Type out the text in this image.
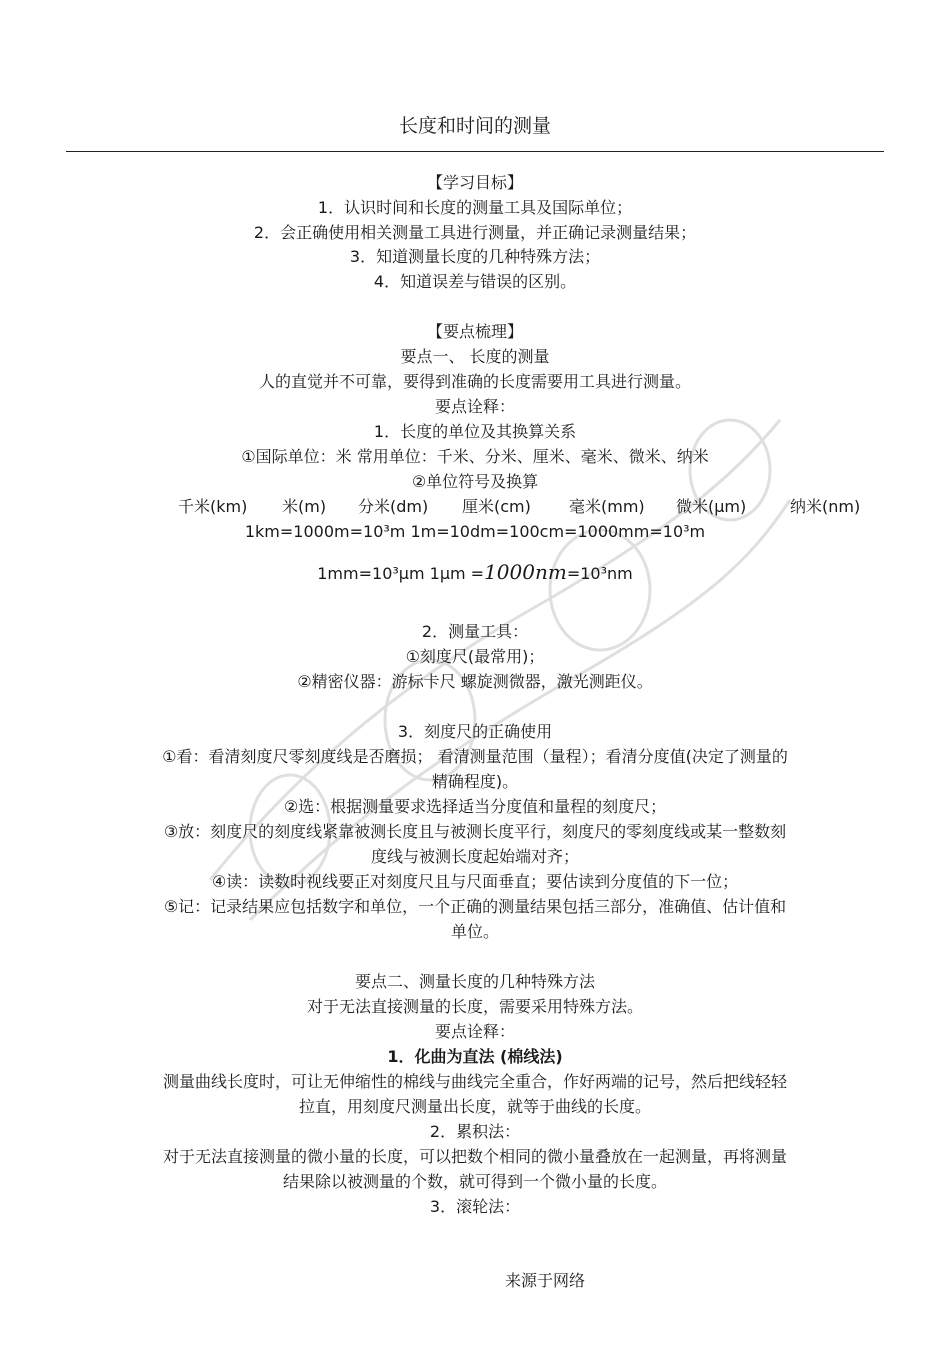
长度和时间的测量
【学习目标】
1．认识时间和长度的测量工具及国际单位；
2．会正确使用相关测量工具进行测量，并正确记录测量结果；
3．知道测量长度的几种特殊方法；
4．知道误差与错误的区别。
【要点梳理】
要点一、 长度的测量
人的直觉并不可靠，要得到准确的长度需要用工具进行测量。
要点诠释：
1．长度的单位及其换算关系
①国际单位：米 常用单位：千米、分米、厘米、毫米、微米、纳米
②单位符号及换算
千米(km) 米(m) 分米(dm) 厘米(cm) 毫米(mm) 微米(μm)	纳米(nm)
1km=1000m=10³m 1m=10dm=100cm=1000mm=10³m
1mm=10³μm 1μm =1000nm=10³nm
2．测量工具：
①刻度尺(最常用)；
②精密仪器：游标卡尺 螺旋测微器，激光测距仪。
3．刻度尺的正确使用
①看：看清刻度尺零刻度线是否磨损； 看清测量范围（量程）；看清分度值(决定了测量的
精确程度)。
②选：根据测量要求选择适当分度值和量程的刻度尺；
③放：刻度尺的刻度线紧靠被测长度且与被测长度平行，刻度尺的零刻度线或某一整数刻
度线与被测长度起始端对齐；
④读：读数时视线要正对刻度尺且与尺面垂直；要估读到分度值的下一位；
⑤记：记录结果应包括数字和单位，一个正确的测量结果包括三部分，准确值、估计值和
单位。
要点二、测量长度的几种特殊方法
对于无法直接测量的长度，需要采用特殊方法。
要点诠释：
1．化曲为直法 (棉线法)
测量曲线长度时，可让无伸缩性的棉线与曲线完全重合，作好两端的记号，然后把线轻轻
拉直，用刻度尺测量出长度，就等于曲线的长度。
2．累积法：
对于无法直接测量的微小量的长度，可以把数个相同的微小量叠放在一起测量，再将测量
结果除以被测量的个数，就可得到一个微小量的长度。
3．滚轮法：
来源于网络
